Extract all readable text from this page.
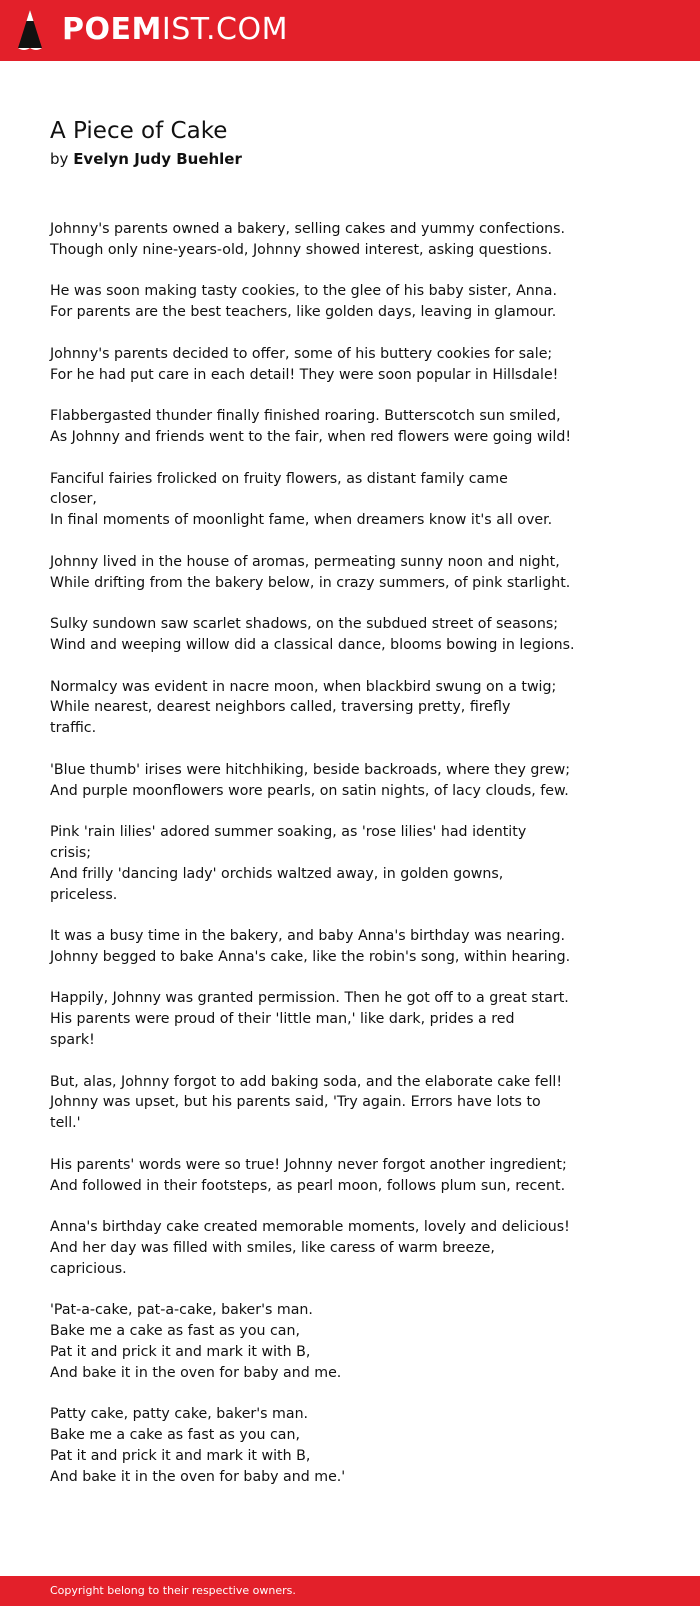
POEMIST.COM
A Piece of Cake
by Evelyn Judy Buehler
Johnny's parents owned a bakery, selling cakes and yummy confections.
Though only nine-years-old, Johnny showed interest, asking questions.
He was soon making tasty cookies, to the glee of his baby sister, Anna.
For parents are the best teachers, like golden days, leaving in glamour.
Johnny's parents decided to offer, some of his buttery cookies for sale;
For he had put care in each detail! They were soon popular in Hillsdale!
Flabbergasted thunder finally finished roaring. Butterscotch sun smiled,
As Johnny and friends went to the fair, when red flowers were going wild!
Fanciful fairies frolicked on fruity flowers, as distant family came
closer,
In final moments of moonlight fame, when dreamers know it's all over.
Johnny lived in the house of aromas, permeating sunny noon and night,
While drifting from the bakery below, in crazy summers, of pink starlight.
Sulky sundown saw scarlet shadows, on the subdued street of seasons;
Wind and weeping willow did a classical dance, blooms bowing in legions.
Normalcy was evident in nacre moon, when blackbird swung on a twig;
While nearest, dearest neighbors called, traversing pretty, firefly
traffic.
'Blue thumb' irises were hitchhiking, beside backroads, where they grew;
And purple moonflowers wore pearls, on satin nights, of lacy clouds, few.
Pink 'rain lilies' adored summer soaking, as 'rose lilies' had identity
crisis;
And frilly 'dancing lady' orchids waltzed away, in golden gowns,
priceless.
It was a busy time in the bakery, and baby Anna's birthday was nearing.
Johnny begged to bake Anna's cake, like the robin's song, within hearing.
Happily, Johnny was granted permission. Then he got off to a great start.
His parents were proud of their 'little man,' like dark, prides a red
spark!
But, alas, Johnny forgot to add baking soda, and the elaborate cake fell!
Johnny was upset, but his parents said, 'Try again. Errors have lots to
tell.'
His parents' words were so true! Johnny never forgot another ingredient;
And followed in their footsteps, as pearl moon, follows plum sun, recent.
Anna's birthday cake created memorable moments, lovely and delicious!
And her day was filled with smiles, like caress of warm breeze,
capricious.
'Pat-a-cake, pat-a-cake, baker's man.
Bake me a cake as fast as you can,
Pat it and prick it and mark it with B,
And bake it in the oven for baby and me.
Patty cake, patty cake, baker's man.
Bake me a cake as fast as you can,
Pat it and prick it and mark it with B,
And bake it in the oven for baby and me.'
Copyright belong to their respective owners.
